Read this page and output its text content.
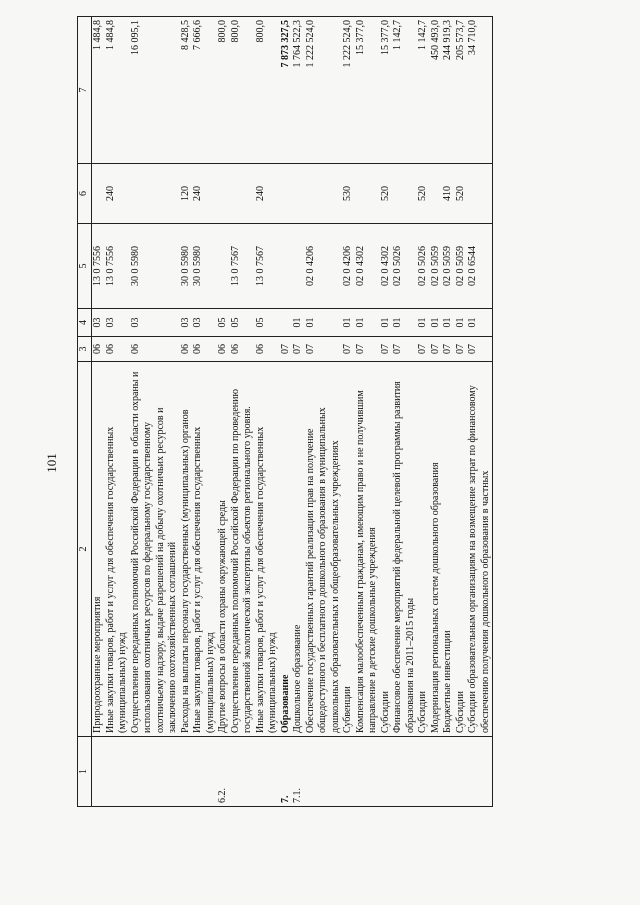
101
1	2	3	4	5	6	7
	Природоохранные мероприятия	06	03	13 0 7556		1 484,8
	Иные закупки товаров, работ и услуг для обеспечения государственных (муниципальных) нужд	06	03	13 0 7556	240	1 484,8
	Осуществление переданных полномочий Российской Федерации в области охраны и использования охотничьих ресурсов по федеральному государственному охотничьему надзору, выдаче разрешений на добычу охотничьих ресурсов и заключению охотхозяйственных соглашений	06	03	30 0 5980		16 095,1
	Расходы на выплаты персоналу государственных (муниципальных) органов	06	03	30 0 5980	120	8 428,5
	Иные закупки товаров, работ и услуг для обеспечения государственных (муниципальных) нужд	06	03	30 0 5980	240	7 666,6
6.2.	Другие вопросы в области охраны окружающей среды	06	05			800,0
	Осуществление переданных полномочий Российской Федерации по проведению государственной экологической экспертизы объектов регионального уровня.	06	05	13 0 7567		800,0
	Иные закупки товаров, работ и услуг для обеспечения государственных (муниципальных) нужд	06	05	13 0 7567	240	800,0
7.	Образование	07				7 873 327,5
7.1.	Дошкольное образование	07	01			1 764 522,3
	Обеспечение государственных гарантий реализации прав на получение общедоступного и бесплатного дошкольного образования в муниципальных дошкольных образовательных и общеобразовательных учреждениях	07	01	02 0 4206		1 222 524,0
	Субвенции	07	01	02 0 4206	530	1 222 524,0
	Компенсация малообеспеченным гражданам, имеющим право и не получившим направление в детские дошкольные учреждения	07	01	02 0 4302		15 377,0
	Субсидии	07	01	02 0 4302	520	15 377,0
	Финансовое обеспечение мероприятий федеральной целевой программы развития образования на 2011–2015 годы	07	01	02 0 5026		1 142,7
	Субсидии	07	01	02 0 5026	520	1 142,7
	Модернизация региональных систем дошкольного образования	07	01	02 0 5059		450 493,0
	Бюджетные инвестиции	07	01	02 0 5059	410	244 919,3
	Субсидии	07	01	02 0 5059	520	205 573,7
	Субсидии образовательным организациям на возмещение затрат по финансовому обеспечению получения дошкольного образования в частных	07	01	02 0 6544		34 710,0
